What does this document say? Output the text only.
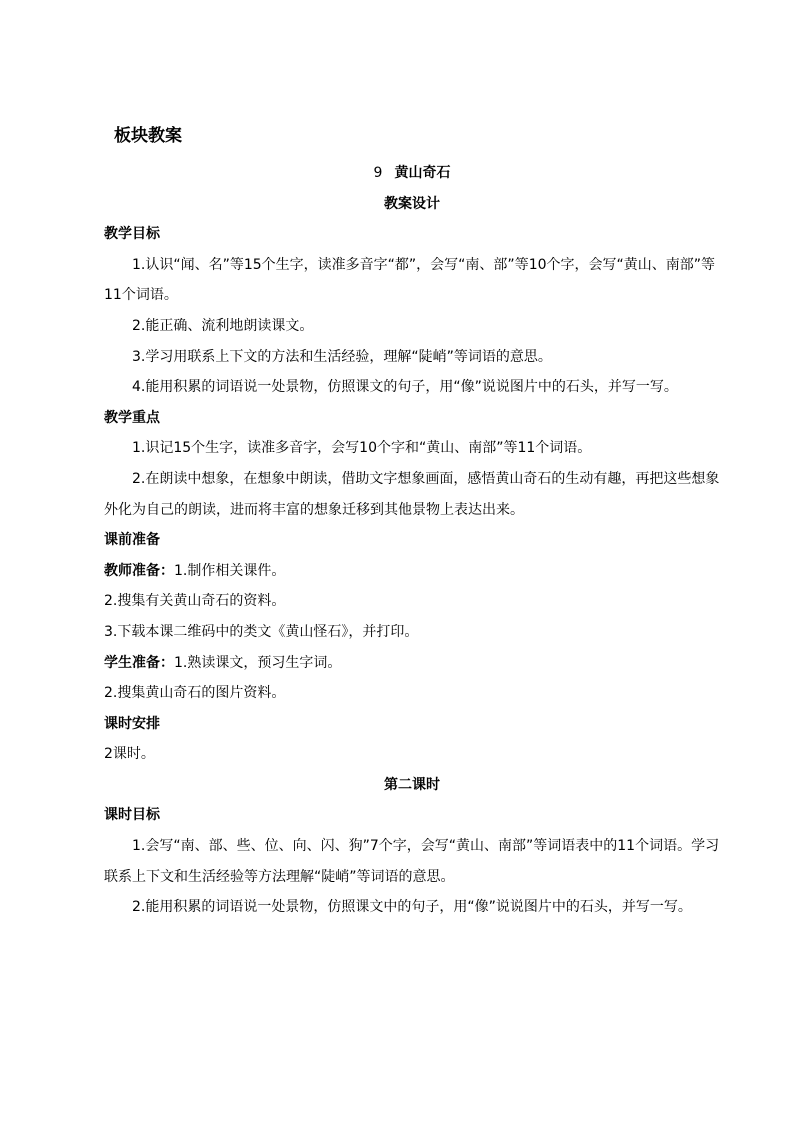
板块教案

9 黄山奇石

教案设计

教学目标

1.认识“闻、名”等15个生字，读准多音字“都”，会写“南、部”等10个字，会写“黄山、南部”等11个词语。

2.能正确、流利地朗读课文。

3.学习用联系上下文的方法和生活经验，理解“陡峭”等词语的意思。

4.能用积累的词语说一处景物，仿照课文的句子，用“像”说说图片中的石头，并写一写。

教学重点

1.识记15个生字，读准多音字，会写10个字和“黄山、南部”等11个词语。

2.在朗读中想象，在想象中朗读，借助文字想象画面，感悟黄山奇石的生动有趣，再把这些想象外化为自己的朗读，进而将丰富的想象迁移到其他景物上表达出来。

课前准备

教师准备：1.制作相关课件。

2.搜集有关黄山奇石的资料。

3.下载本课二维码中的类文《黄山怪石》，并打印。

学生准备：1.熟读课文，预习生字词。

2.搜集黄山奇石的图片资料。

课时安排

2课时。

第二课时

课时目标

1.会写“南、部、些、位、向、闪、狗”7个字，会写“黄山、南部”等词语表中的11个词语。学习联系上下文和生活经验等方法理解“陡峭”等词语的意思。

2.能用积累的词语说一处景物，仿照课文中的句子，用“像”说说图片中的石头，并写一写。
